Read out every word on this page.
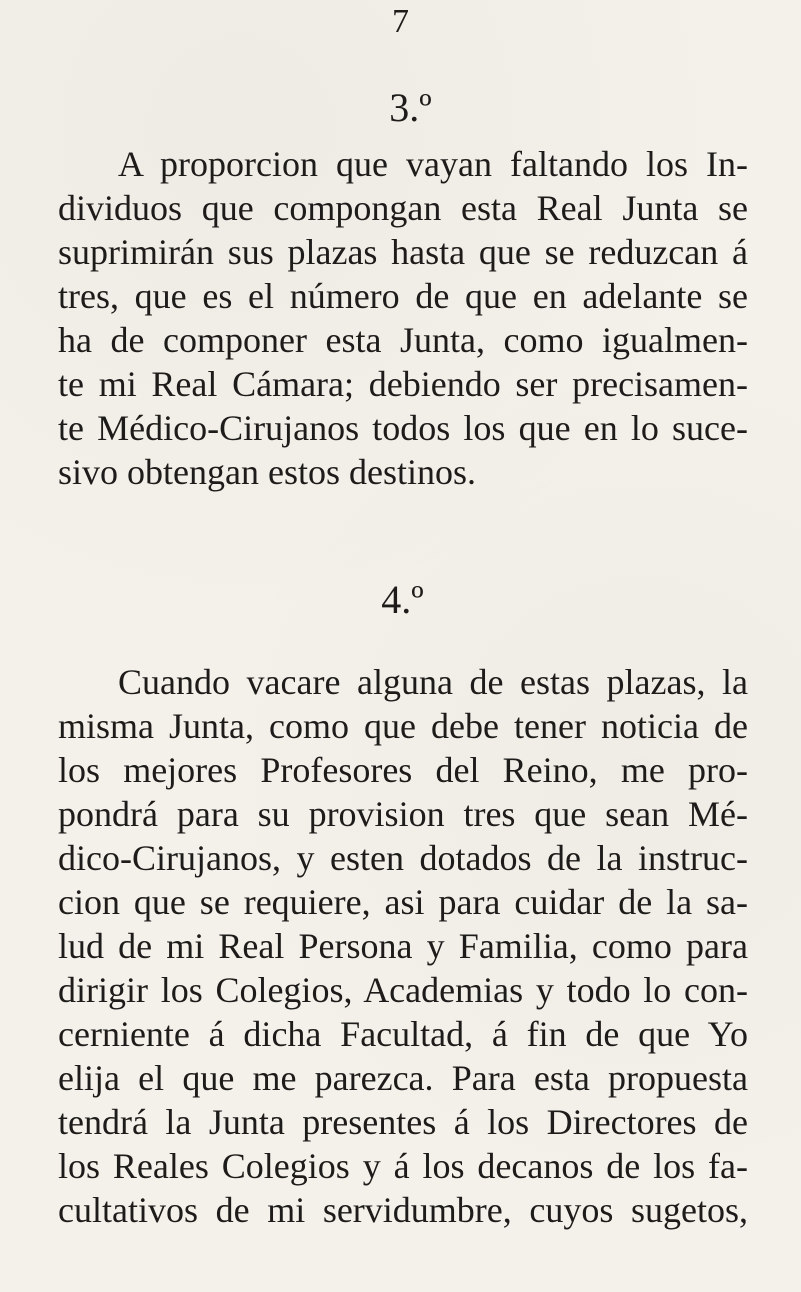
7
3.º
A proporcion que vayan faltando los In-
dividuos que compongan esta Real Junta se
suprimirán sus plazas hasta que se reduzcan á
tres, que es el número de que en adelante se
ha de componer esta Junta, como igualmen-
te mi Real Cámara; debiendo ser precisamen-
te Médico-Cirujanos todos los que en lo suce-
sivo obtengan estos destinos.
4.º
Cuando vacare alguna de estas plazas, la
misma Junta, como que debe tener noticia de
los mejores Profesores del Reino, me pro-
pondrá para su provision tres que sean Mé-
dico-Cirujanos, y esten dotados de la instruc-
cion que se requiere, asi para cuidar de la sa-
lud de mi Real Persona y Familia, como para
dirigir los Colegios, Academias y todo lo con-
cerniente á dicha Facultad, á fin de que Yo
elija el que me parezca. Para esta propuesta
tendrá la Junta presentes á los Directores de
los Reales Colegios y á los decanos de los fa-
cultativos de mi servidumbre, cuyos sugetos,
